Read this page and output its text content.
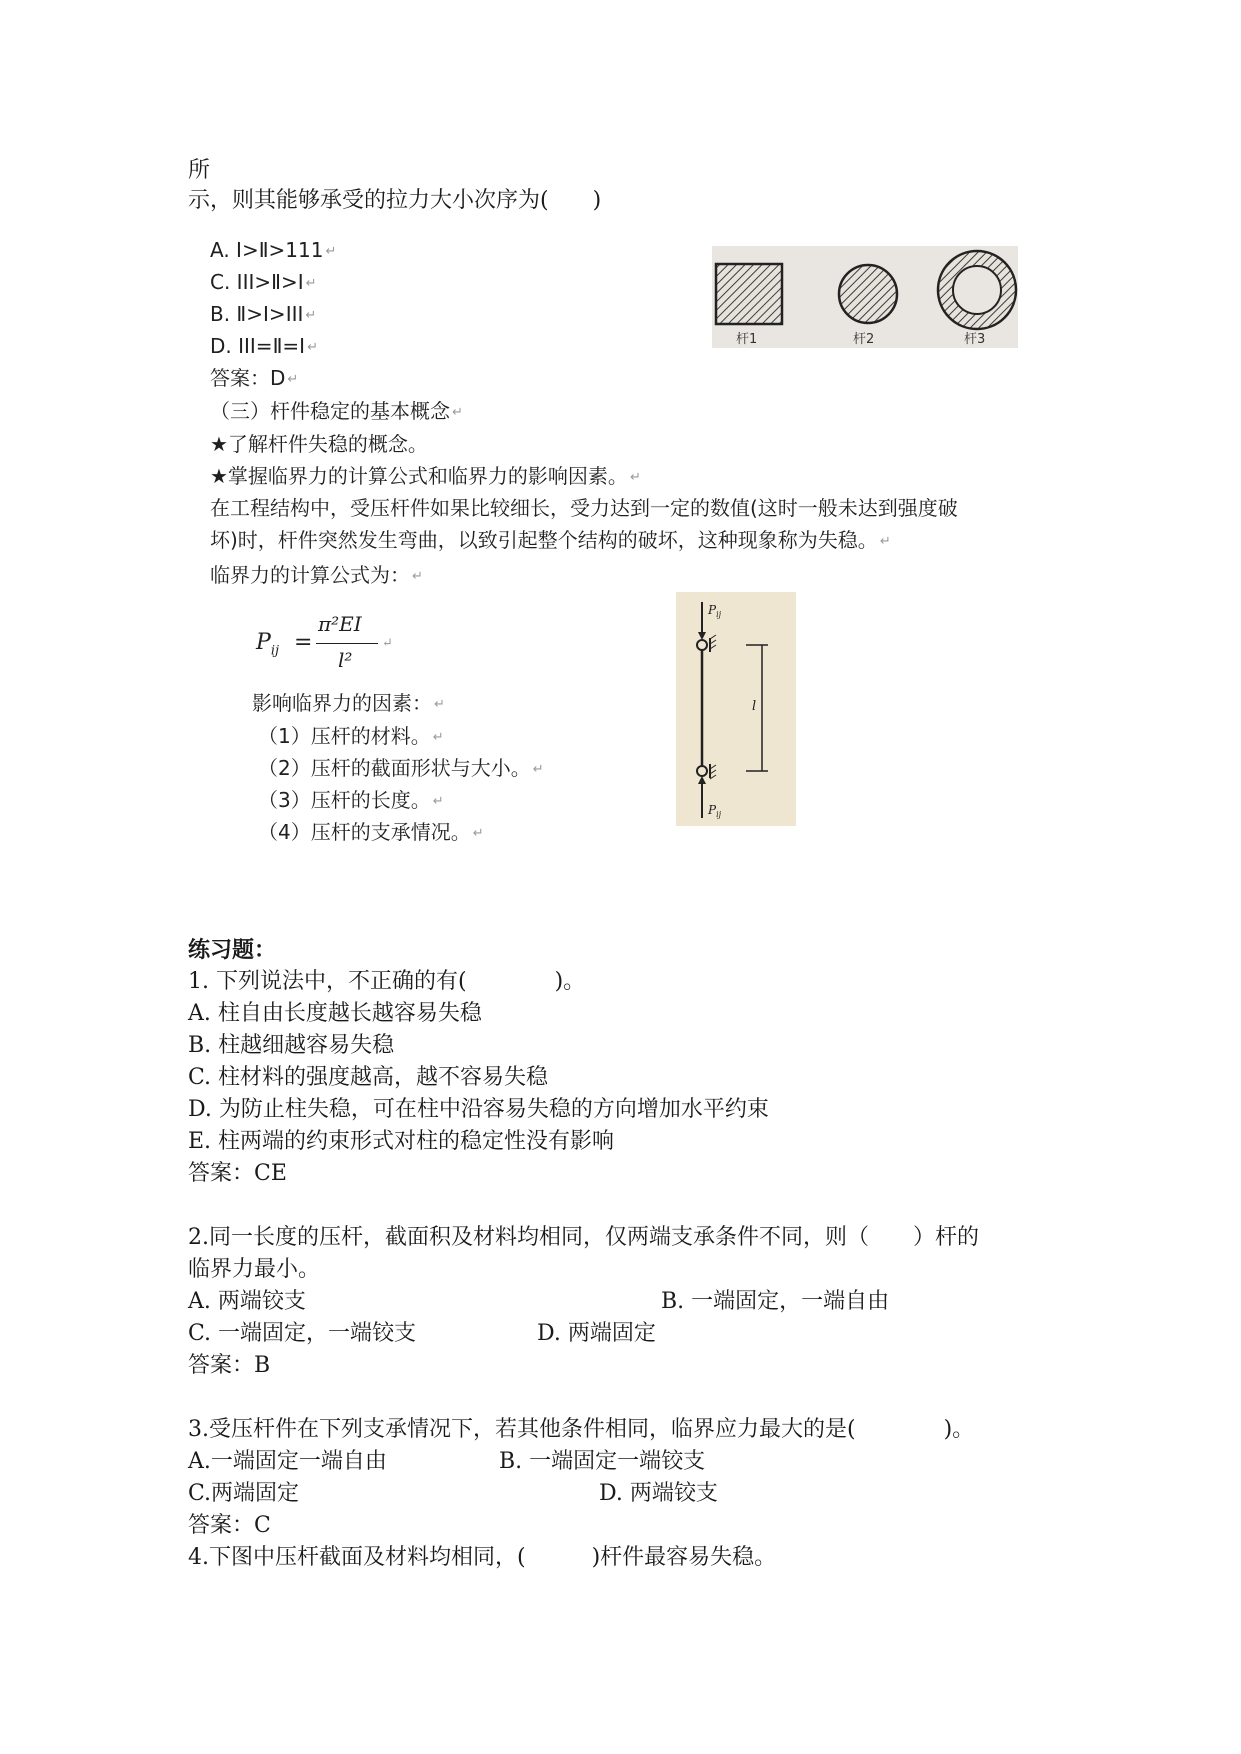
所
示，则其能够承受的拉力大小次序为(　　)
A. I>Ⅱ>111 ↵
C. III>Ⅱ>I ↵
B. Ⅱ>I>III ↵
D. III=Ⅱ=I ↵
答案：D ↵
杆1	杆2	杆3
（三）杆件稳定的基本概念 ↵
★了解杆件失稳的概念。
★掌握临界力的计算公式和临界力的影响因素。 ↵
在工程结构中，受压杆件如果比较细长，受力达到一定的数值(这时一般未达到强度破
坏)时，杆件突然发生弯曲，以致引起整个结构的破坏，这种现象称为失稳。 ↵
临界力的计算公式为： ↵
$P_{ij}$ =
π²EI
l²
↵
影响临界力的因素： ↵
（1）压杆的材料。 ↵
（2）压杆的截面形状与大小。 ↵
（3）压杆的长度。 ↵
（4）压杆的支承情况。 ↵
$P_{ij}$
$P_{ij}$
l
练习题：
1. 下列说法中，不正确的有(　　　　)。
A. 柱自由长度越长越容易失稳
B. 柱越细越容易失稳
C. 柱材料的强度越高，越不容易失稳
D. 为防止柱失稳，可在柱中沿容易失稳的方向增加水平约束
E. 柱两端的约束形式对柱的稳定性没有影响
答案：CE
2.同一长度的压杆，截面积及材料均相同，仅两端支承条件不同，则（　　）杆的
临界力最小。
A. 两端铰支	B. 一端固定，一端自由
C. 一端固定，一端铰支	D. 两端固定
答案：B
3.受压杆件在下列支承情况下，若其他条件相同，临界应力最大的是(　　　　)。
A.一端固定一端自由	B. 一端固定一端铰支
C.两端固定	D. 两端铰支
答案：C
4.下图中压杆截面及材料均相同，(　　　)杆件最容易失稳。
